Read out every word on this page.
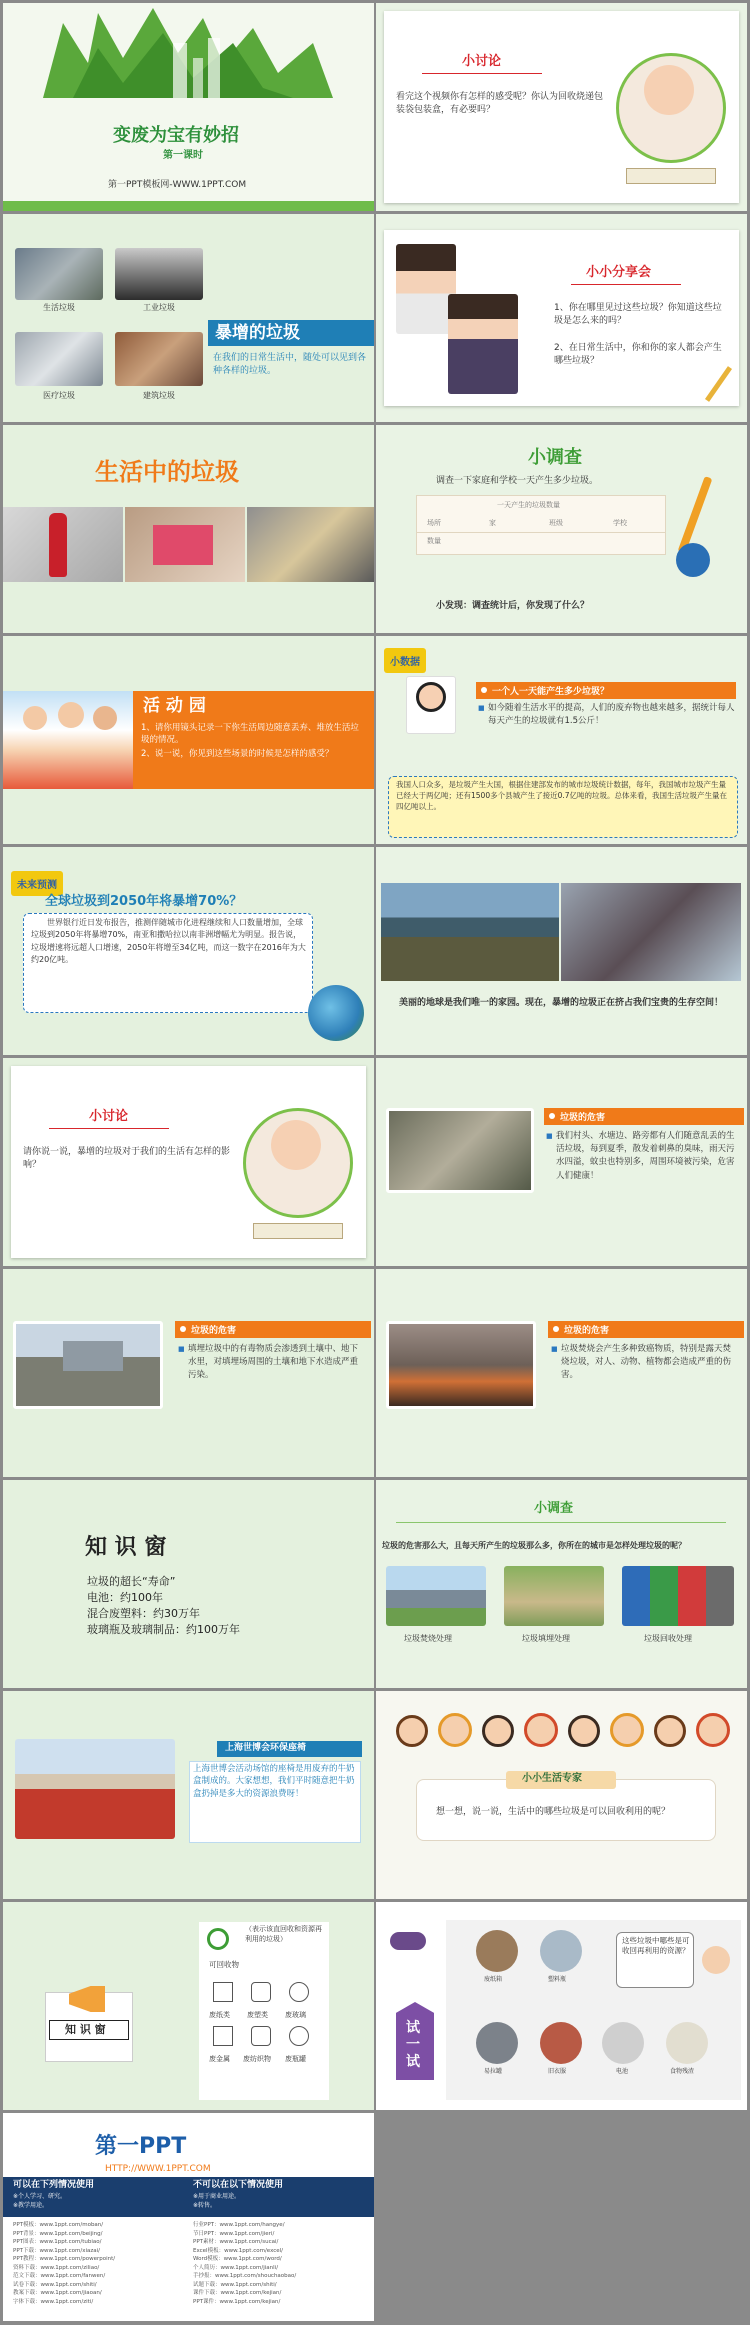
变废为宝有妙招
第一课时
第一PPT模板网-WWW.1PPT.COM
小讨论
看完这个视频你有怎样的感受呢？你认为回收烧递包装袋包装盒，有必要吗？
生活垃圾	工业垃圾
医疗垃圾	建筑垃圾
暴增的垃圾
在我们的日常生活中，随处可以见到各种各样的垃圾。
小小分享会
1、你在哪里见过这些垃圾？你知道这些垃圾是怎么来的吗？
2、在日常生活中，你和你的家人都会产生哪些垃圾？
生活中的垃圾
小调查
调查一下家庭和学校一天产生多少垃圾。
一天产生的垃圾数量
场所	家	班级	学校
数量
小发现：调查统计后，你发现了什么？
活 动 园
1、请你用镜头记录一下你生活周边随意丢弃、堆放生活垃圾的情况。
2、说一说，你见到这些场景的时候是怎样的感受？
小数据
一个人一天能产生多少垃圾？
■ 如今随着生活水平的提高，人们的废弃物也越来越多，据统计每人每天产生的垃圾就有1.5公斤！
我国人口众多，是垃圾产生大国，根据住建部发布的城市垃圾统计数据，每年，我国城市垃圾产生量已经大于两亿吨；还有1500多个县城产生了接近0.7亿吨的垃圾。总体来看，我国生活垃圾产生量在四亿吨以上。
未来预测
全球垃圾到2050年将暴增70%？
世界银行近日发布报告，推测伴随城市化进程继续和人口数量增加，全球垃圾到2050年将暴增70%，南亚和撒哈拉以南非洲增幅尤为明显。报告说，垃圾增速将远超人口增速，2050年将增至34亿吨，而这一数字在2016年为大约20亿吨。
美丽的地球是我们唯一的家园。现在，暴增的垃圾正在挤占我们宝贵的生存空间！
小讨论
请你说一说，暴增的垃圾对于我们的生活有怎样的影响？
垃圾的危害
■ 我们村头、水塘边、路旁都有人们随意乱丢的生活垃圾，每到夏季，散发着刺鼻的臭味，雨天污水四溢，蚊虫也特别多，周围环境被污染，危害人们健康！
垃圾的危害
■ 填埋垃圾中的有毒物质会渗透到土壤中、地下水里，对填埋场周围的土壤和地下水造成严重污染。
垃圾的危害
■ 垃圾焚烧会产生多种致癌物质，特别是露天焚烧垃圾，对人、动物、植物都会造成严重的伤害。
知 识 窗
垃圾的超长“寿命”
电池：约100年
混合废塑料：约30万年
玻璃瓶及玻璃制品：约100万年
小调查
垃圾的危害那么大，且每天所产生的垃圾那么多，你所在的城市是怎样处理垃圾的呢？
垃圾焚烧处理	垃圾填埋处理	垃圾回收处理
上海世博会环保座椅
上海世博会活动场馆的座椅是用废弃的牛奶盒制成的。大家想想，我们平时随意把牛奶盒扔掉是多大的资源浪费呀！
小小生活专家
想一想，说一说，生活中的哪些垃圾是可以回收利用的呢？
知 识 窗
（表示该直回收和资源再利用的垃圾）
可回收物
废纸类 废塑类 废玻璃
废金属 废纺织物 废瓶罐
试一试
废纸箱	塑料瓶
易拉罐	旧衣服	电池	食物残渣
这些垃圾中哪些是可收回再利用的资源？
第一PPT
HTTP://WWW.1PPT.COM
可以在下列情况使用
※个人学习、研究。
※教学用途。
不可以在以下情况使用
※用于商业用途。
※转售。
PPT模板：www.1ppt.com/moban/
PPT背景：www.1ppt.com/beijing/
PPT图表：www.1ppt.com/tubiao/
PPT下载：www.1ppt.com/xiazai/
PPT教程：www.1ppt.com/powerpoint/
资料下载：www.1ppt.com/ziliao/
范文下载：www.1ppt.com/fanwen/
试卷下载：www.1ppt.com/shiti/
教案下载：www.1ppt.com/jiaoan/
字体下载：www.1ppt.com/ziti/
行业PPT：www.1ppt.com/hangye/
节日PPT：www.1ppt.com/jieri/
PPT素材：www.1ppt.com/sucai/
Excel模板：www.1ppt.com/excel/
Word模板：www.1ppt.com/word/
个人简历：www.1ppt.com/jianli/
手抄报：www.1ppt.com/shouchaobao/
试题下载：www.1ppt.com/shiti/
课件下载：www.1ppt.com/kejian/
PPT课件：www.1ppt.com/kejian/
